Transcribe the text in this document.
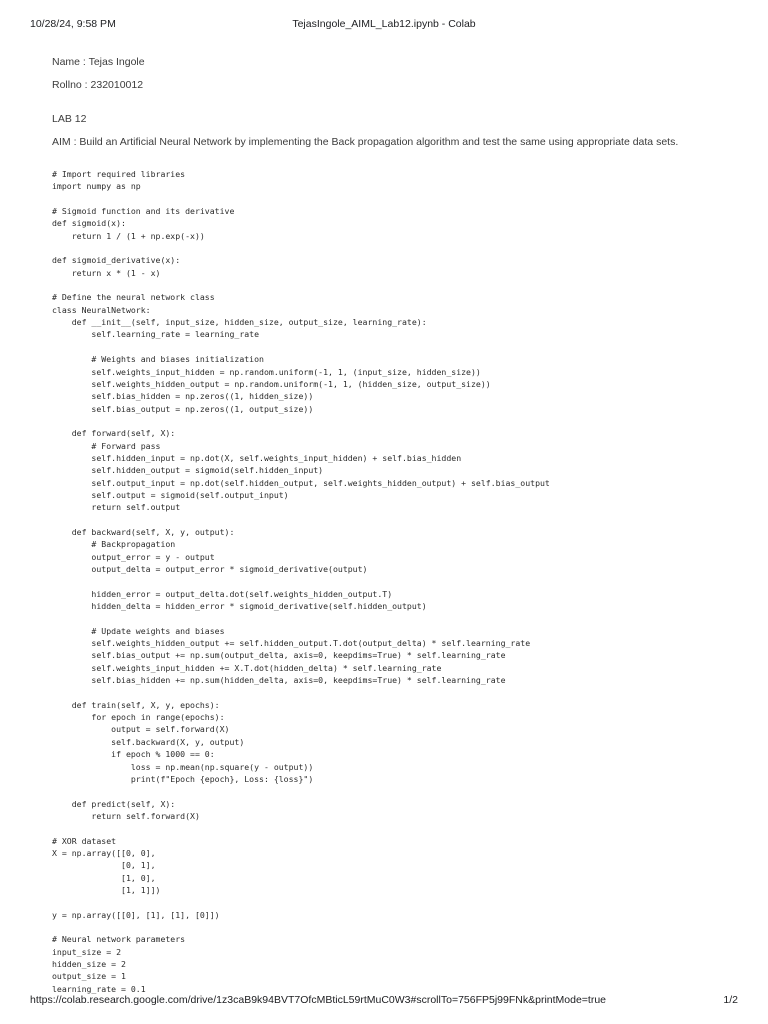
10/28/24, 9:58 PM	TejasIngole_AIML_Lab12.ipynb - Colab
Name : Tejas Ingole
Rollno : 232010012
LAB 12
AIM : Build an Artificial Neural Network by implementing the Back propagation algorithm and test the same using appropriate data sets.
# Import required libraries
import numpy as np
# Sigmoid function and its derivative
def sigmoid(x):
return 1 / (1 + np.exp(-x))
def sigmoid_derivative(x):
return x * (1 - x)
# Define the neural network class
class NeuralNetwork:
def __init__(self, input_size, hidden_size, output_size, learning_rate):
self.learning_rate = learning_rate
# Weights and biases initialization
self.weights_input_hidden = np.random.uniform(-1, 1, (input_size, hidden_size))
self.weights_hidden_output = np.random.uniform(-1, 1, (hidden_size, output_size))
self.bias_hidden = np.zeros((1, hidden_size))
self.bias_output = np.zeros((1, output_size))
def forward(self, X):
# Forward pass
self.hidden_input = np.dot(X, self.weights_input_hidden) + self.bias_hidden
self.hidden_output = sigmoid(self.hidden_input)
self.output_input = np.dot(self.hidden_output, self.weights_hidden_output) + self.bias_output
self.output = sigmoid(self.output_input)
return self.output
def backward(self, X, y, output):
# Backpropagation
output_error = y - output
output_delta = output_error * sigmoid_derivative(output)
hidden_error = output_delta.dot(self.weights_hidden_output.T)
hidden_delta = hidden_error * sigmoid_derivative(self.hidden_output)
# Update weights and biases
self.weights_hidden_output += self.hidden_output.T.dot(output_delta) * self.learning_rate
self.bias_output += np.sum(output_delta, axis=0, keepdims=True) * self.learning_rate
self.weights_input_hidden += X.T.dot(hidden_delta) * self.learning_rate
self.bias_hidden += np.sum(hidden_delta, axis=0, keepdims=True) * self.learning_rate
def train(self, X, y, epochs):
for epoch in range(epochs):
output = self.forward(X)
self.backward(X, y, output)
if epoch % 1000 == 0:
loss = np.mean(np.square(y - output))
print(f"Epoch {epoch}, Loss: {loss}")
def predict(self, X):
return self.forward(X)
# XOR dataset
X = np.array([[0, 0],
[0, 1],
[1, 0],
[1, 1]])
y = np.array([[0], [1], [1], [0]])
# Neural network parameters
input_size = 2
hidden_size = 2
output_size = 1
learning_rate = 0.1
https://colab.research.google.com/drive/1z3caB9k94BVT7OfcMBticL59rtMuC0W3#scrollTo=756FP5j99FNk&printMode=true	1/2
